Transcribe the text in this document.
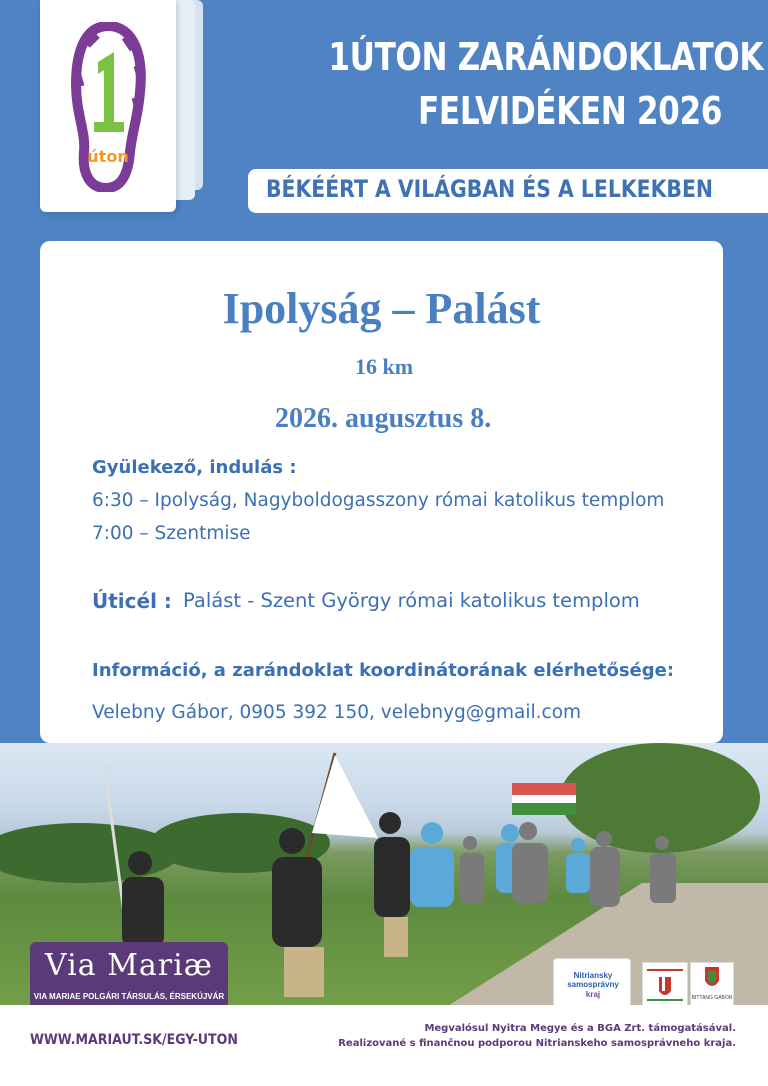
úton
1ÚTON ZARÁNDOKLATOK
FELVIDÉKEN 2026
BÉKÉÉRT A VILÁGBAN ÉS A LELKEKBEN
Ipolyság – Palást
16 km
2026. augusztus 8.
Gyülekező, indulás :
6:30 – Ipolyság, Nagyboldogasszony római katolikus templom
7:00 – Szentmise
Úticél : Palást - Szent György római katolikus templom
Információ, a zarándoklat koordinátorának elérhetősége:
Velebny Gábor, 0905 392 150, velebnyg@gmail.com
Via Mariæ
VIA MARIAE POLGÁRI TÁRSULÁS, ÉRSEKÚJVÁR
Nitriansky samosprávny
kraj	BITTANG GÁBOR
WWW.MARIAUT.SK/EGY-UTON
Megvalósul Nyitra Megye és a BGA Zrt. támogatásával.
Realizované s finančnou podporou Nitrianskeho samosprávneho kraja.
